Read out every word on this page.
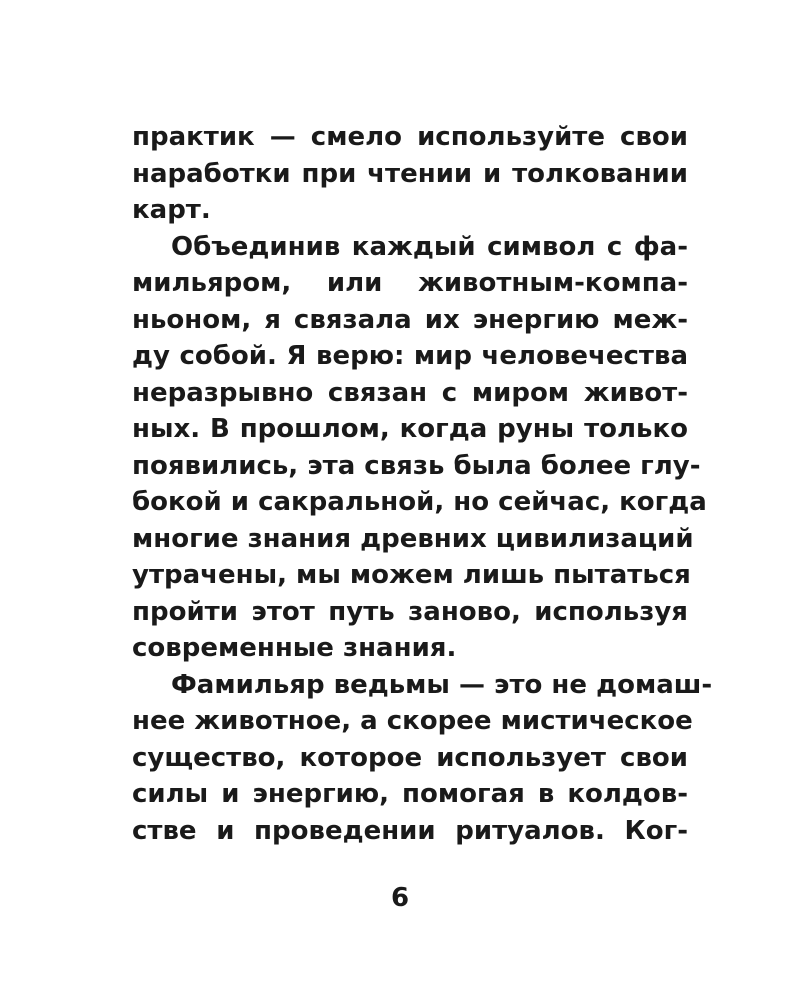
практик — смело используйте свои
наработки при чтении и толковании
карт.
Объединив каждый символ с фа-
мильяром, или животным-компа-
ньоном, я связала их энергию меж-
ду собой. Я верю: мир человечества
неразрывно связан с миром живот-
ных. В прошлом, когда руны только
появились, эта связь была более глу-
бокой и сакральной, но сейчас, когда
многие знания древних цивилизаций
утрачены, мы можем лишь пытаться
пройти этот путь заново, используя
современные знания.
Фамильяр ведьмы — это не домаш-
нее животное, а скорее мистическое
существо, которое использует свои
силы и энергию, помогая в колдов-
стве и проведении ритуалов. Ког-
6
